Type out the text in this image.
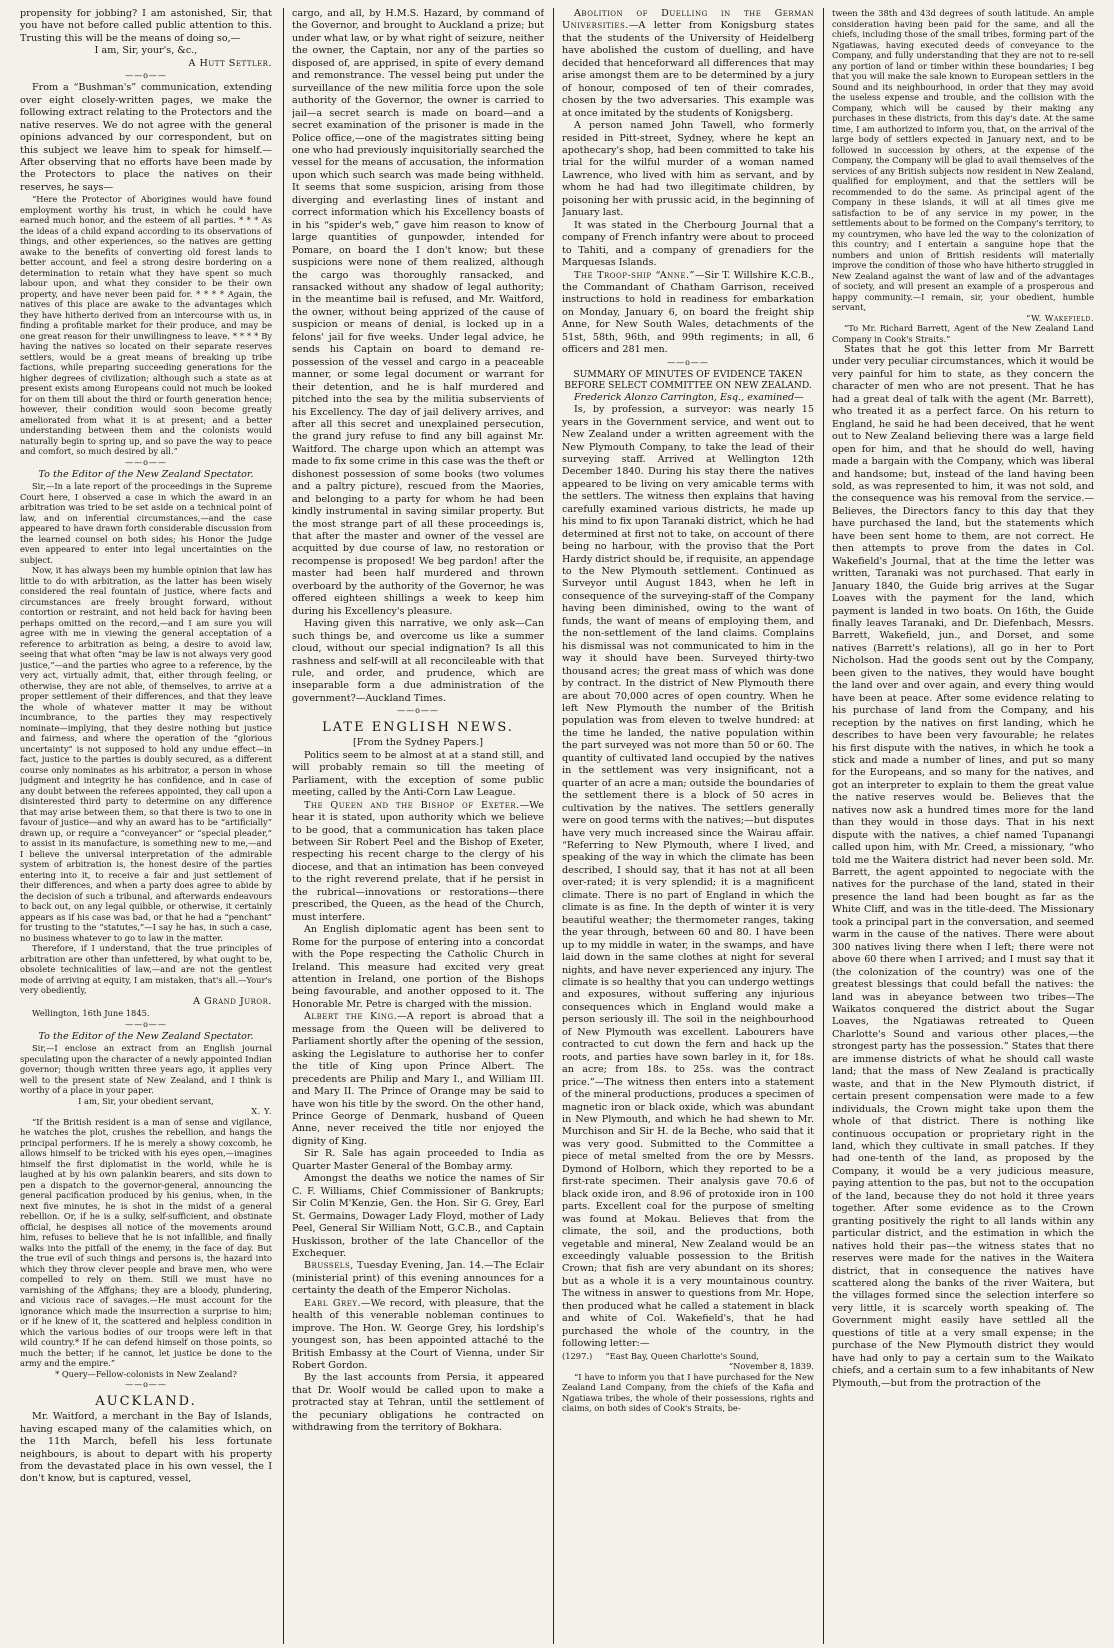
propensity for jobbing? I am astonished, Sir, that you have not before called public attention to this. Trusting this will be the means of doing so,—

I am, Sir, your's, &c.,

A Hutt Settler.

——o——

From a “Bushman's” communication, extending over eight closely-written pages, we make the following extract relating to the Protectors and the native reserves. We do not agree with the general opinions advanced by our correspondent, but on this subject we leave him to speak for himself.—After observing that no efforts have been made by the Protectors to place the natives on their reserves, he says—

“Here the Protector of Aborigines would have found employment worthy his trust, in which he could have earned much honor, and the esteem of all parties. * * * As the ideas of a child expand according to its observations of things, and other experiences, so the natives are getting awake to the benefits of converting old forest lands to better account, and feel a strong desire bordering on a determination to retain what they have spent so much labour upon, and what they consider to be their own property, and have never been paid for. * * * * Again, the natives of this place are awake to the advantages which they have hitherto derived from an intercourse with us, in finding a profitable market for their produce, and may be one great reason for their unwillingness to leave. * * * * By having the natives so located on their separate reserves settlers, would be a great means of breaking up tribe factions, while preparing succeeding generations for the higher degrees of civilization; although such a state as at present exists among Europeans could not much be looked for on them till about the third or fourth generation hence; however, their condition would soon become greatly ameliorated from what it is at present; and a better understanding between them and the colonists would naturally begin to spring up, and so pave the way to peace and comfort, so much desired by all.”

——o——

To the Editor of the New Zealand Spectator.

Sir,—In a late report of the proceedings in the Supreme Court here, I observed a case in which the award in an arbitration was tried to be set aside on a technical point of law, and on inferential circumstances,—and the case appeared to have drawn forth considerable discussion from the learned counsel on both sides; his Honor the Judge even appeared to enter into legal uncertainties on the subject.

Now, it has always been my humble opinion that law has little to do with arbitration, as the latter has been wisely considered the real fountain of justice, where facts and circumstances are freely brought forward, without contortion or restraint, and not held back for having been perhaps omitted on the record,—and I am sure you will agree with me in viewing the general acceptation of a reference to arbitration as being, a desire to avoid law, seeing that what often “may be law is not always very good justice,”—and the parties who agree to a reference, by the very act, virtually admit, that, either through feeling, or otherwise, they are not able, of themselves, to arrive at a proper settlement of their differences, and that they leave the whole of whatever matter it may be without incumbrance, to the parties they may respectively nominate—implying, that they desire nothing but justice and fairness, and where the operation of the “glorious uncertainty” is not supposed to hold any undue effect—in fact, justice to the parties is doubly secured, as a different course only nominates as his arbitrator, a person in whose judgment and integrity he has confidence, and in case of any doubt between the referees appointed, they call upon a disinterested third party to determine on any difference that may arise between them, so that there is two to one in favour of justice—and why an award has to be “artificially” drawn up, or require a “conveyancer” or “special pleader,” to assist in its manufacture, is something new to me,—and I believe the universal interpretation of the admirable system of arbitration is, the honest desire of the parties entering into it, to receive a fair and just settlement of their differences, and when a party does agree to abide by the decision of such a tribunal, and afterwards endeavours to back out, on any legal quibble, or otherwise, it certainly appears as if his case was bad, or that he had a “penchant” for trusting to the “statutes,”—I say he has, in such a case, no business whatever to go to law in the matter.

Therefore, if I understand, that the true principles of arbitration are other than unfettered, by what ought to be, obsolete technicalities of law,—and are not the gentlest mode of arriving at equity, I am mistaken, that's all.—Your's very obediently,

A Grand Juror.

Wellington, 16th June 1845.

——o——

To the Editor of the New Zealand Spectator.

Sir,—I enclose an extract from an English journal speculating upon the character of a newly appointed Indian governor; though written three years ago, it applies very well to the present state of New Zealand, and I think is worthy of a place in your paper.

I am, Sir, your obedient servant,

X. Y.

“If the British resident is a man of sense and vigilance, he watches the plot, crushes the rebellion, and hangs the principal performers. If he is merely a showy coxcomb, he allows himself to be tricked with his eyes open,—imagines himself the first diplomatist in the world, while he is laughed at by his own palankin bearers, and sits down to pen a dispatch to the governor-general, announcing the general pacification produced by his genius, when, in the next five minutes, he is shot in the midst of a general rebellion. Or, if he is a sulky, self-sufficient, and obstinate official, he despises all notice of the movements around him, refuses to believe that he is not infallible, and finally walks into the pitfall of the enemy, in the face of day. But the true evil of such things and persons is, the hazard into which they throw clever people and brave men, who were compelled to rely on them. Still we must have no varnishing of the Affghans; they are a bloody, plundering, and vicious race of savages.—He must account for the ignorance which made the insurrection a surprise to him; or if he knew of it, the scattered and helpless condition in which the various bodies of our troops were left in that wild country.* If he can defend himself on those points, so much the better; if he cannot, let justice be done to the army and the empire.”

* Query—Fellow-colonists in New Zealand?

——o——

AUCKLAND.

Mr. Waitford, a merchant in the Bay of Islands, having escaped many of the calamities which, on the 11th March, befell his less fortunate neighbours, is about to depart with his property from the devastated place in his own vessel, the I don't know, but is captured, vessel,

cargo, and all, by H.M.S. Hazard, by command of the Governor, and brought to Auckland a prize; but under what law, or by what right of seizure, neither the owner, the Captain, nor any of the parties so disposed of, are apprised, in spite of every demand and remonstrance. The vessel being put under the surveillance of the new militia force upon the sole authority of the Governor, the owner is carried to jail—a secret search is made on board—and a secret examination of the prisoner is made in the Police office,—one of the magistrates sitting being one who had previously inquisitorially searched the vessel for the means of accusation, the information upon which such search was made being withheld. It seems that some suspicion, arising from those diverging and everlasting lines of instant and correct information which his Excellency boasts of in his “spider's web,” gave him reason to know of large quantities of gunpowder, intended for Pomare, on board the I don't know; but these suspicions were none of them realized, although the cargo was thoroughly ransacked, and ransacked without any shadow of legal authority; in the meantime bail is refused, and Mr. Waitford, the owner, without being apprized of the cause of suspicion or means of denial, is locked up in a felons' jail for five weeks. Under legal advice, he sends his Captain on board to demand re-possession of the vessel and cargo in a peaceable manner, or some legal document or warrant for their detention, and he is half murdered and pitched into the sea by the militia subservients of his Excellency. The day of jail delivery arrives, and after all this secret and unexplained persecution, the grand jury refuse to find any bill against Mr. Waitford. The charge upon which an attempt was made to fix some crime in this case was the theft or dishonest possession of some books (two volumes and a paltry picture), rescued from the Maories, and belonging to a party for whom he had been kindly instrumental in saving similar property. But the most strange part of all these proceedings is, that after the master and owner of the vessel are acquitted by due course of law, no restoration or recompense is proposed! We beg pardon! after the master had been half murdered and thrown overboard by the authority of the Governor, he was offered eighteen shillings a week to keep him during his Excellency's pleasure.

Having given this narrative, we only ask—Can such things be, and overcome us like a summer cloud, without our special indignation? Is all this rashness and self-will at all reconcileable with that rule, and order, and prudence, which are inseparable form a due administration of the government?—Auckland Times.

——o——

LATE ENGLISH NEWS.

[From the Sydney Papers.]

Politics seem to be almost at at a stand still, and will probably remain so till the meeting of Parliament, with the exception of some public meeting, called by the Anti-Corn Law League.

The Queen and the Bishop of Exeter.—We hear it is stated, upon authority which we believe to be good, that a communication has taken place between Sir Robert Peel and the Bishop of Exeter, respecting his recent charge to the clergy of his diocese, and that an intimation has been conveyed to the right reverend prelate, that if he persist in the rubrical—innovations or restorations—there prescribed, the Queen, as the head of the Church, must interfere.

An English diplomatic agent has been sent to Rome for the purpose of entering into a concordat with the Pope respecting the Catholic Church in Ireland. This measure had excited very great attention in Ireland, one portion of the Bishops being favourable, and another opposed to it. The Honorable Mr. Petre is charged with the mission.

Albert the King.—A report is abroad that a message from the Queen will be delivered to Parliament shortly after the opening of the session, asking the Legislature to authorise her to confer the title of King upon Prince Albert. The precedents are Philip and Mary I., and William III. and Mary II. The Prince of Orange may be said to have won his title by the sword. On the other hand, Prince George of Denmark, husband of Queen Anne, never received the title nor enjoyed the dignity of King.

Sir R. Sale has again proceeded to India as Quarter Master General of the Bombay army.

Amongst the deaths we notice the names of Sir C. F. Williams, Chief Commissioner of Bankrupts; Sir Colin M'Kenzie, Gen. the Hon. Sir G. Grey, Earl St. Germains, Dowager Lady Floyd, mother of Lady Peel, General Sir William Nott, G.C.B., and Captain Huskisson, brother of the late Chancellor of the Exchequer.

Brussels, Tuesday Evening, Jan. 14.—The Eclair (ministerial print) of this evening announces for a certainty the death of the Emperor Nicholas.

Earl Grey.—We record, with pleasure, that the health of this venerable nobleman continues to improve. The Hon. W. George Grey, his lordship's youngest son, has been appointed attaché to the British Embassy at the Court of Vienna, under Sir Robert Gordon.

By the last accounts from Persia, it appeared that Dr. Woolf would be called upon to make a protracted stay at Tehran, until the settlement of the pecuniary obligations he contracted on withdrawing from the territory of Bokhara.

Abolition of Duelling in the German Universities.—A letter from Konigsburg states that the students of the University of Heidelberg have abolished the custom of duelling, and have decided that henceforward all differences that may arise amongst them are to be determined by a jury of honour, composed of ten of their comrades, chosen by the two adversaries. This example was at once imitated by the students of Konigsberg.

A person named John Tawell, who formerly resided in Pitt-street, Sydney, where he kept an apothecary's shop, had been committed to take his trial for the wilful murder of a woman named Lawrence, who lived with him as servant, and by whom he had had two illegitimate children, by poisoning her with prussic acid, in the beginning of January last.

It was stated in the Cherbourg Journal that a company of French infantry were about to proceed to Tahiti, and a company of grenadiers for the Marquesas Islands.

The Troop-ship “Anne.”—Sir T. Willshire K.C.B., the Commandant of Chatham Garrison, received instructions to hold in readiness for embarkation on Monday, January 6, on board the freight ship Anne, for New South Wales, detachments of the 51st, 58th, 96th, and 99th regiments; in all, 6 officers and 281 men.

——o——

SUMMARY OF MINUTES OF EVIDENCE TAKEN BEFORE SELECT COMMITTEE ON NEW ZEALAND.

Frederick Alonzo Carrington, Esq., examined—

Is, by profession, a surveyor: was nearly 15 years in the Government service, and went out to New Zealand under a written agreement with the New Plymouth Company, to take the lead of their surveying staff. Arrived at Wellington 12th December 1840. During his stay there the natives appeared to be living on very amicable terms with the settlers. The witness then explains that having carefully examined various districts, he made up his mind to fix upon Taranaki district, which he had determined at first not to take, on account of there being no harbour, with the proviso that the Port Hardy district should be, if requisite, an appendage to the New Plymouth settlement. Continued as Surveyor until August 1843, when he left in consequence of the surveying-staff of the Company having been diminished, owing to the want of funds, the want of means of employing them, and the non-settlement of the land claims. Complains his dismissal was not communicated to him in the way it should have been. Surveyed thirty-two thousand acres; the great mass of which was done by contract. In the district of New Plymouth there are about 70,000 acres of open country. When he left New Plymouth the number of the British population was from eleven to twelve hundred: at the time he landed, the native population within the part surveyed was not more than 50 or 60. The quantity of cultivated land occupied by the natives in the settlement was very insignificant, not a quarter of an acre a man; outside the boundaries of the settlement there is a block of 50 acres in cultivation by the natives. The settlers generally were on good terms with the natives;—but disputes have very much increased since the Wairau affair. “Referring to New Plymouth, where I lived, and speaking of the way in which the climate has been described, I should say, that it has not at all been over-rated; it is very splendid; it is a magnificent climate. There is no part of England in which the climate is as fine. In the depth of winter it is very beautiful weather; the thermometer ranges, taking the year through, between 60 and 80. I have been up to my middle in water, in the swamps, and have laid down in the same clothes at night for several nights, and have never experienced any injury. The climate is so healthy that you can undergo wettings and exposures, without suffering any injurious consequences which in England would make a person seriously ill. The soil in the neighbourhood of New Plymouth was excellent. Labourers have contracted to cut down the fern and hack up the roots, and parties have sown barley in it, for 18s. an acre; from 18s. to 25s. was the contract price.”—The witness then enters into a statement of the mineral productions, produces a specimen of magnetic iron or black oxide, which was abundant in New Plymouth, and which he had shewn to Mr. Murchison and Sir H. de la Beche, who said that it was very good. Submitted to the Committee a piece of metal smelted from the ore by Messrs. Dymond of Holborn, which they reported to be a first-rate specimen. Their analysis gave 70.6 of black oxide iron, and 8.96 of protoxide iron in 100 parts. Excellent coal for the purpose of smelting was found at Mokau. Believes that from the climate, the soil, and the productions, both vegetable and mineral, New Zealand would be an exceedingly valuable possession to the British Crown; that fish are very abundant on its shores; but as a whole it is a very mountainous country. The witness in answer to questions from Mr. Hope, then produced what he called a statement in black and white of Col. Wakefield's, that he had purchased the whole of the country, in the following letter:—

(1297.) “East Bay, Queen Charlotte's Sound,

“November 8, 1839.

“I have to inform you that I have purchased for the New Zealand Land Company, from the chiefs of the Kafia and Ngatiawa tribes, the whole of their possessions, rights and claims, on both sides of Cook's Straits, be-

tween the 38th and 43d degrees of south latitude. An ample consideration having been paid for the same, and all the chiefs, including those of the small tribes, forming part of the Ngatiawas, having executed deeds of conveyance to the Company, and fully understanding that they are not to re-sell any portion of land or timber within these boundaries; I beg that you will make the sale known to European settlers in the Sound and its neighbourhood, in order that they may avoid the useless expense and trouble, and the collision with the Company, which will be caused by their making any purchases in these districts, from this day's date. At the same time, I am authorized to inform you, that, on the arrival of the large body of settlers expected in January next, and to be followed in succession by others, at the expense of the Company, the Company will be glad to avail themselves of the services of any British subjects now resident in New Zealand, qualified for employment, and that the settlers will be recommended to do the same. As principal agent of the Company in these islands, it will at all times give me satisfaction to be of any service in my power, in the settlements about to be formed on the Company's territory, to my countrymen, who have led the way to the colonization of this country; and I entertain a sanguine hope that the numbers and union of British residents will materially improve the condition of those who have hitherto struggled in New Zealand against the want of law and of the advantages of society, and will present an example of a prosperous and happy community.—I remain, sir, your obedient, humble servant,

“W. Wakefield.

“To Mr. Richard Barrett, Agent of the New Zealand Land Company in Cook's Straits.”

States that he got this letter from Mr Barrett under very peculiar circumstances, which it would be very painful for him to state, as they concern the character of men who are not present. That he has had a great deal of talk with the agent (Mr. Barrett), who treated it as a perfect farce. On his return to England, he said he had been deceived, that he went out to New Zealand believing there was a large field open for him, and that he should do well, having made a bargain with the Company, which was liberal and handsome; but, instead of the land having been sold, as was represented to him, it was not sold, and the consequence was his removal from the service.—Believes, the Directors fancy to this day that they have purchased the land, but the statements which have been sent home to them, are not correct. He then attempts to prove from the dates in Col. Wakefield's Journal, that at the time the letter was written, Taranaki was not purchased. That early in January 1840, the Guide brig arrives at the Sugar Loaves with the payment for the land, which payment is landed in two boats. On 16th, the Guide finally leaves Taranaki, and Dr. Diefenbach, Messrs. Barrett, Wakefield, jun., and Dorset, and some natives (Barrett's relations), all go in her to Port Nicholson. Had the goods sent out by the Company, been given to the natives, they would have bought the land over and over again, and every thing would have been at peace. After some evidence relating to his purchase of land from the Company, and his reception by the natives on first landing, which he describes to have been very favourable; he relates his first dispute with the natives, in which he took a stick and made a number of lines, and put so many for the Europeans, and so many for the natives, and got an interpreter to explain to them the great value the native reserves would be. Believes that the natives now ask a hundred times more for the land than they would in those days. That in his next dispute with the natives, a chief named Tupanangi called upon him, with Mr. Creed, a missionary, “who told me the Waitera district had never been sold. Mr. Barrett, the agent appointed to negociate with the natives for the purchase of the land, stated in their presence the land had been bought as far as the White Cliff, and was in the title-deed. The Missionary took a principal part in the conversation, and seemed warm in the cause of the natives. There were about 300 natives living there when I left; there were not above 60 there when I arrived; and I must say that it (the colonization of the country) was one of the greatest blessings that could befall the natives: the land was in abeyance between two tribes—The Waikatos conquered the district about the Sugar Loaves, the Ngatiawas retreated to Queen Charlotte's Sound and various other places,—the strongest party has the possession.” States that there are immense districts of what he should call waste land; that the mass of New Zealand is practically waste, and that in the New Plymouth district, if certain present compensation were made to a few individuals, the Crown might take upon them the whole of that district. There is nothing like continuous occupation or proprietary right in the land, which they cultivate in small patches. If they had one-tenth of the land, as proposed by the Company, it would be a very judicious measure, paying attention to the pas, but not to the occupation of the land, because they do not hold it three years together. After some evidence as to the Crown granting positively the right to all lands within any particular district, and the estimation in which the natives hold their pas—the witness states that no reserves were made for the natives in the Waitera district, that in consequence the natives have scattered along the banks of the river Waitera, but the villages formed since the selection interfere so very little, it is scarcely worth speaking of. The Government might easily have settled all the questions of title at a very small expense; in the purchase of the New Plymouth district they would have had only to pay a certain sum to the Waikato chiefs, and a certain sum to a few inhabitants of New Plymouth,—but from the protraction of the
